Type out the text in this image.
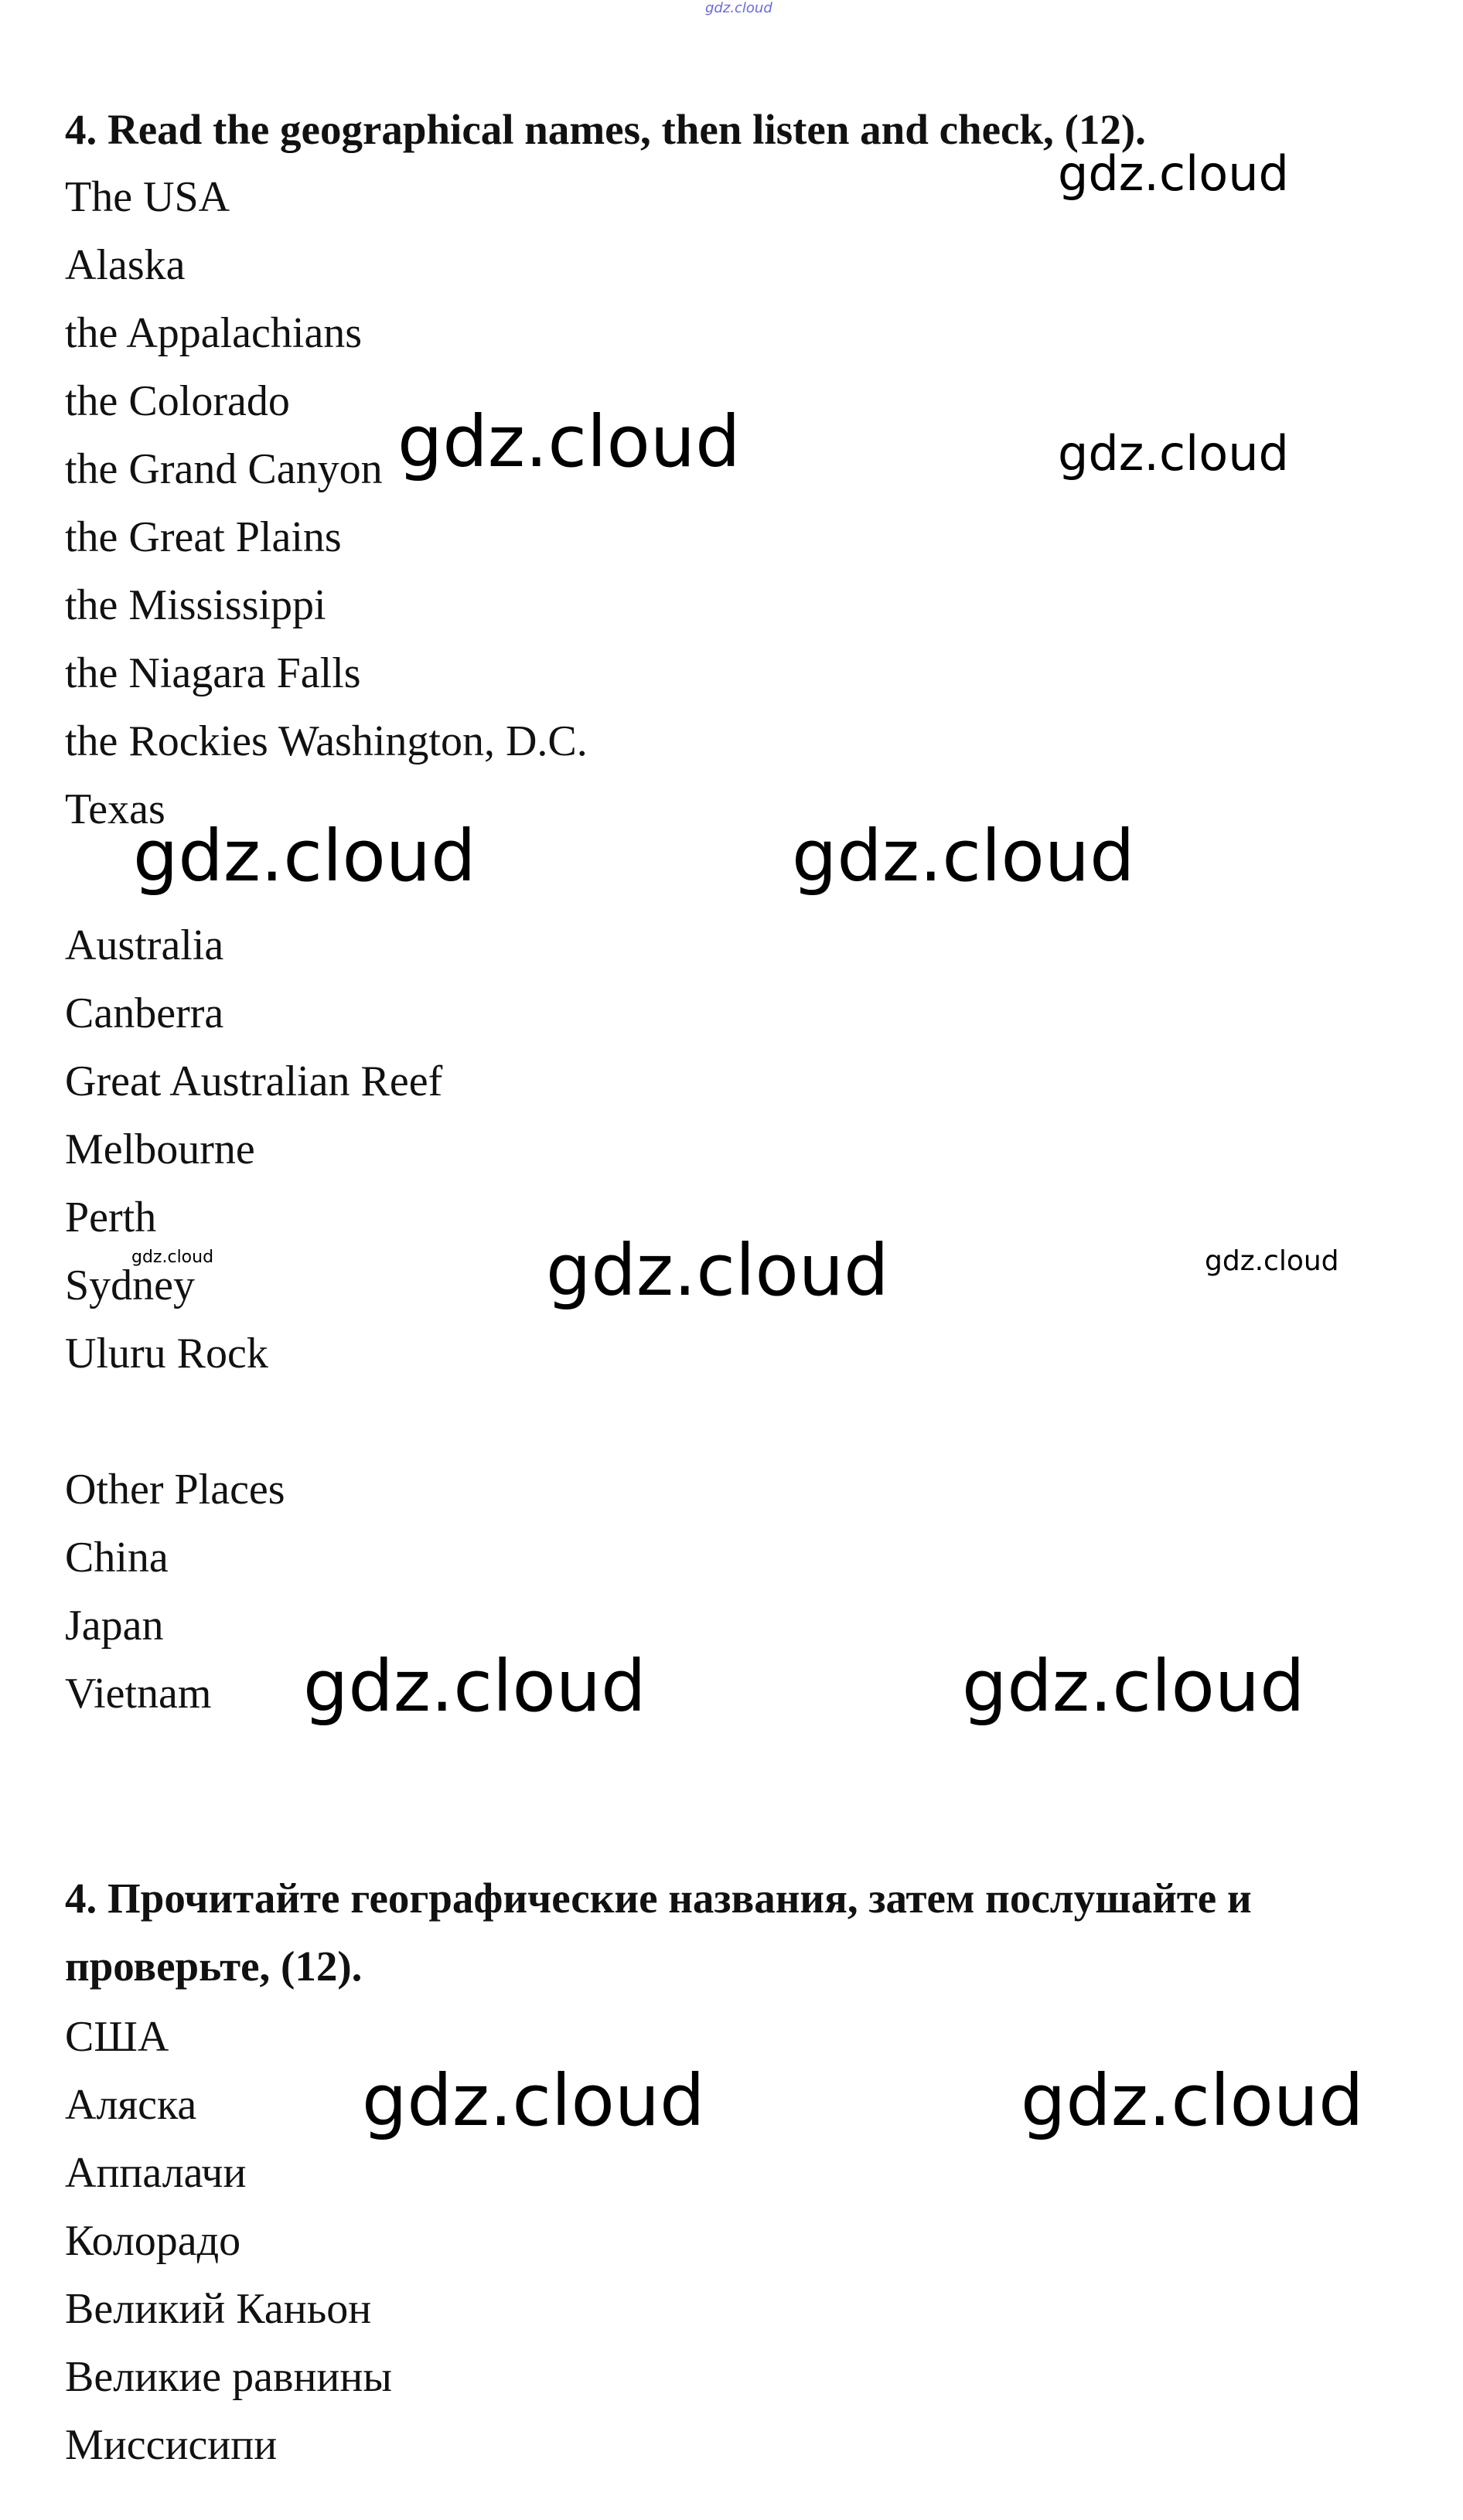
gdz.cloud
4. Read the geographical names, then listen and check, (12).
The USA
Alaska
the Appalachians
the Colorado
the Grand Canyon
the Great Plains
the Mississippi
the Niagara Falls
the Rockies Washington, D.C.
Texas
Australia
Canberra
Great Australian Reef
Melbourne
Perth
Sydney
Uluru Rock
Other Places
China
Japan
Vietnam
4. Прочитайте географические названия, затем послушайте и
проверьте, (12).
США
Аляска
Аппалачи
Колорадо
Великий Каньон
Великие равнины
Миссисипи
gdz.cloud
gdz.cloud	gdz.cloud
gdz.cloud	gdz.cloud
gdz.cloud	gdz.cloud	gdz.cloud
gdz.cloud	gdz.cloud
gdz.cloud	gdz.cloud
